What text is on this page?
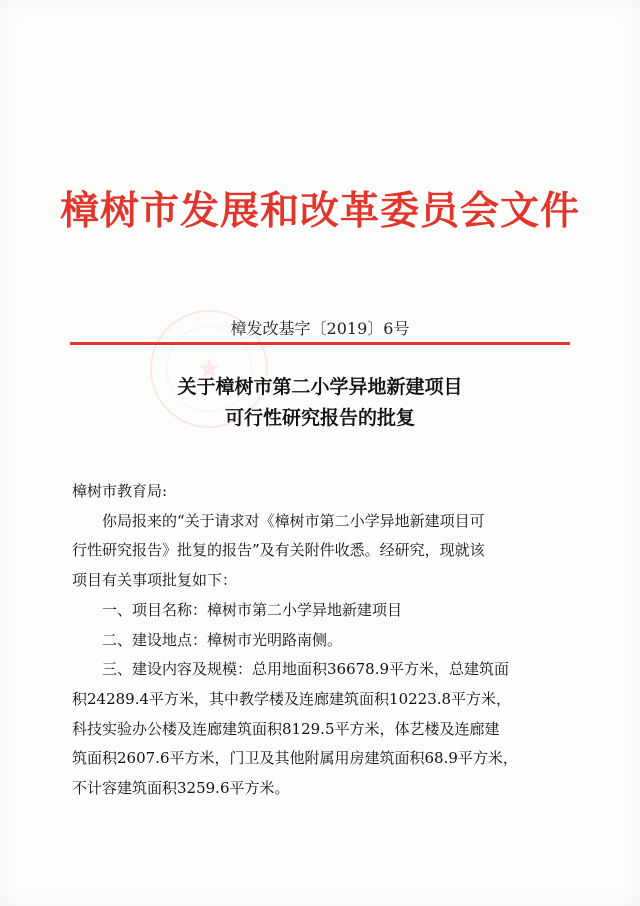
樟树市发展和改革委员会文件
★
樟发改基字〔2019〕6号
关于樟树市第二小学异地新建项目
可行性研究报告的批复

樟树市教育局:

你局报来的“关于请求对《樟树市第二小学异地新建项目可

行性研究报告》批复的报告”及有关附件收悉。经研究，现就该

项目有关事项批复如下：

一、项目名称：樟树市第二小学异地新建项目

二、建设地点：樟树市光明路南侧。

三、建设内容及规模：总用地面积36678.9平方米，总建筑面

积24289.4平方米，其中教学楼及连廊建筑面积10223.8平方米，

科技实验办公楼及连廊建筑面积8129.5平方米，体艺楼及连廊建

筑面积2607.6平方米，门卫及其他附属用房建筑面积68.9平方米，

不计容建筑面积3259.6平方米。
